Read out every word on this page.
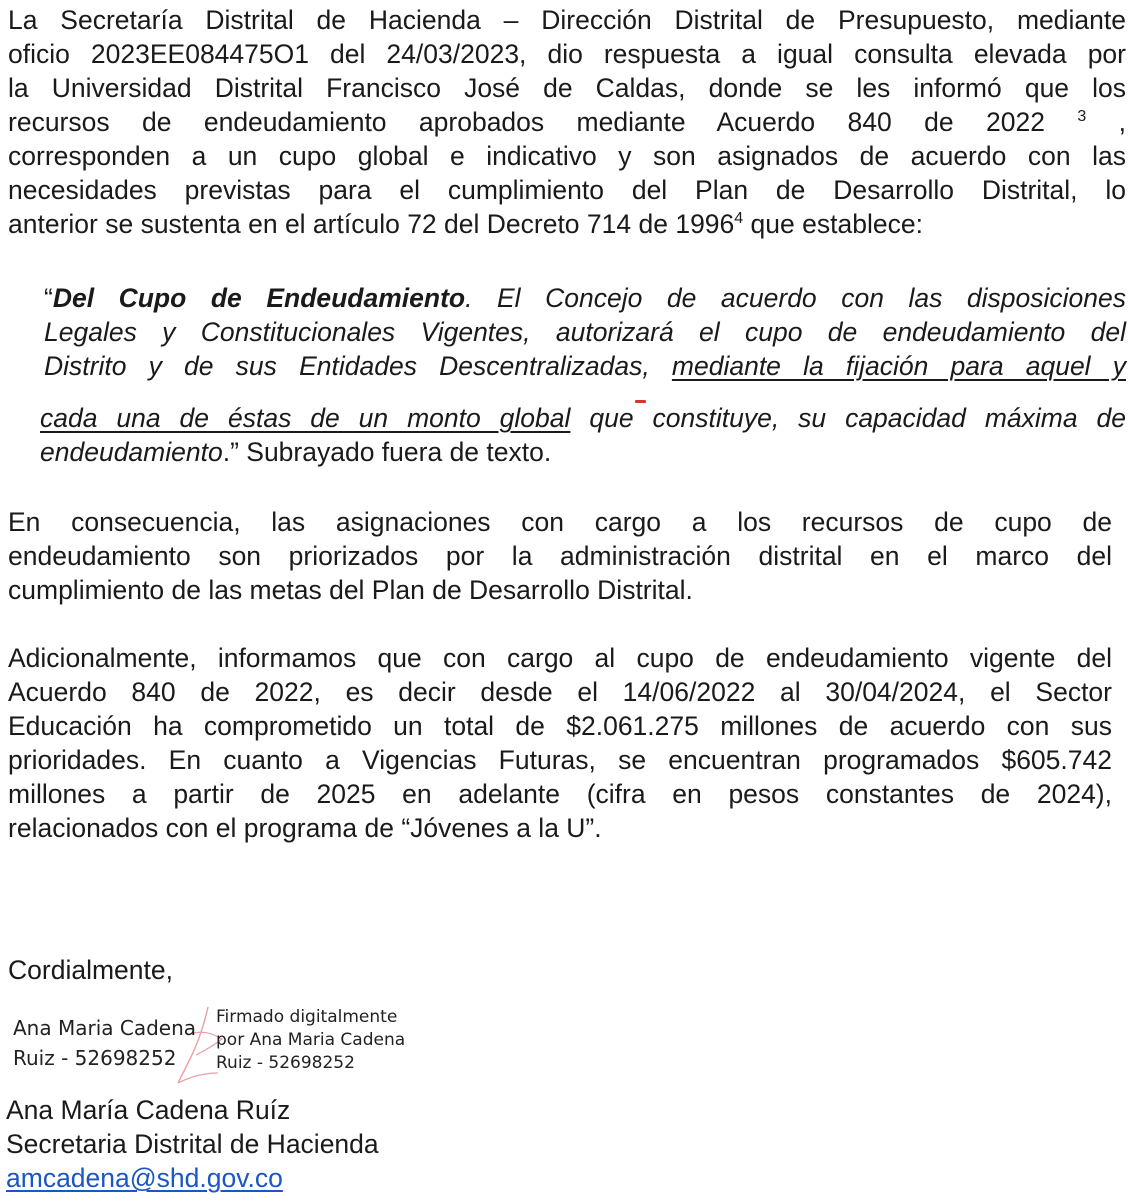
La Secretaría Distrital de Hacienda – Dirección Distrital de Presupuesto, mediante
oficio 2023EE084475O1 del 24/03/2023, dio respuesta a igual consulta elevada por
la Universidad Distrital Francisco José de Caldas, donde se les informó que los
recursos de endeudamiento aprobados mediante Acuerdo 840 de 2022 $^3$ ,
corresponden a un cupo global e indicativo y son asignados de acuerdo con las
necesidades previstas para el cumplimiento del Plan de Desarrollo Distrital, lo
anterior se sustenta en el artículo 72 del Decreto 714 de 1996$^4$ que establece:
“Del Cupo de Endeudamiento. El Concejo de acuerdo con las disposiciones
Legales y Constitucionales Vigentes, autorizará el cupo de endeudamiento del
Distrito y de sus Entidades Descentralizadas, mediante la fijación para aquel y
cada una de éstas de un monto global que constituye, su capacidad máxima de
endeudamiento.” Subrayado fuera de texto.
En consecuencia, las asignaciones con cargo a los recursos de cupo de
endeudamiento son priorizados por la administración distrital en el marco del
cumplimiento de las metas del Plan de Desarrollo Distrital.
Adicionalmente, informamos que con cargo al cupo de endeudamiento vigente del
Acuerdo 840 de 2022, es decir desde el 14/06/2022 al 30/04/2024, el Sector
Educación ha comprometido un total de $2.061.275 millones de acuerdo con sus
prioridades. En cuanto a Vigencias Futuras, se encuentran programados $605.742
millones a partir de 2025 en adelante (cifra en pesos constantes de 2024),
relacionados con el programa de “Jóvenes a la U”.
Cordialmente,
Ana Maria Cadena
Ruiz - 52698252
Firmado digitalmente
por Ana Maria Cadena
Ruiz - 52698252
Ana María Cadena Ruíz
Secretaria Distrital de Hacienda
amcadena@shd.gov.co
